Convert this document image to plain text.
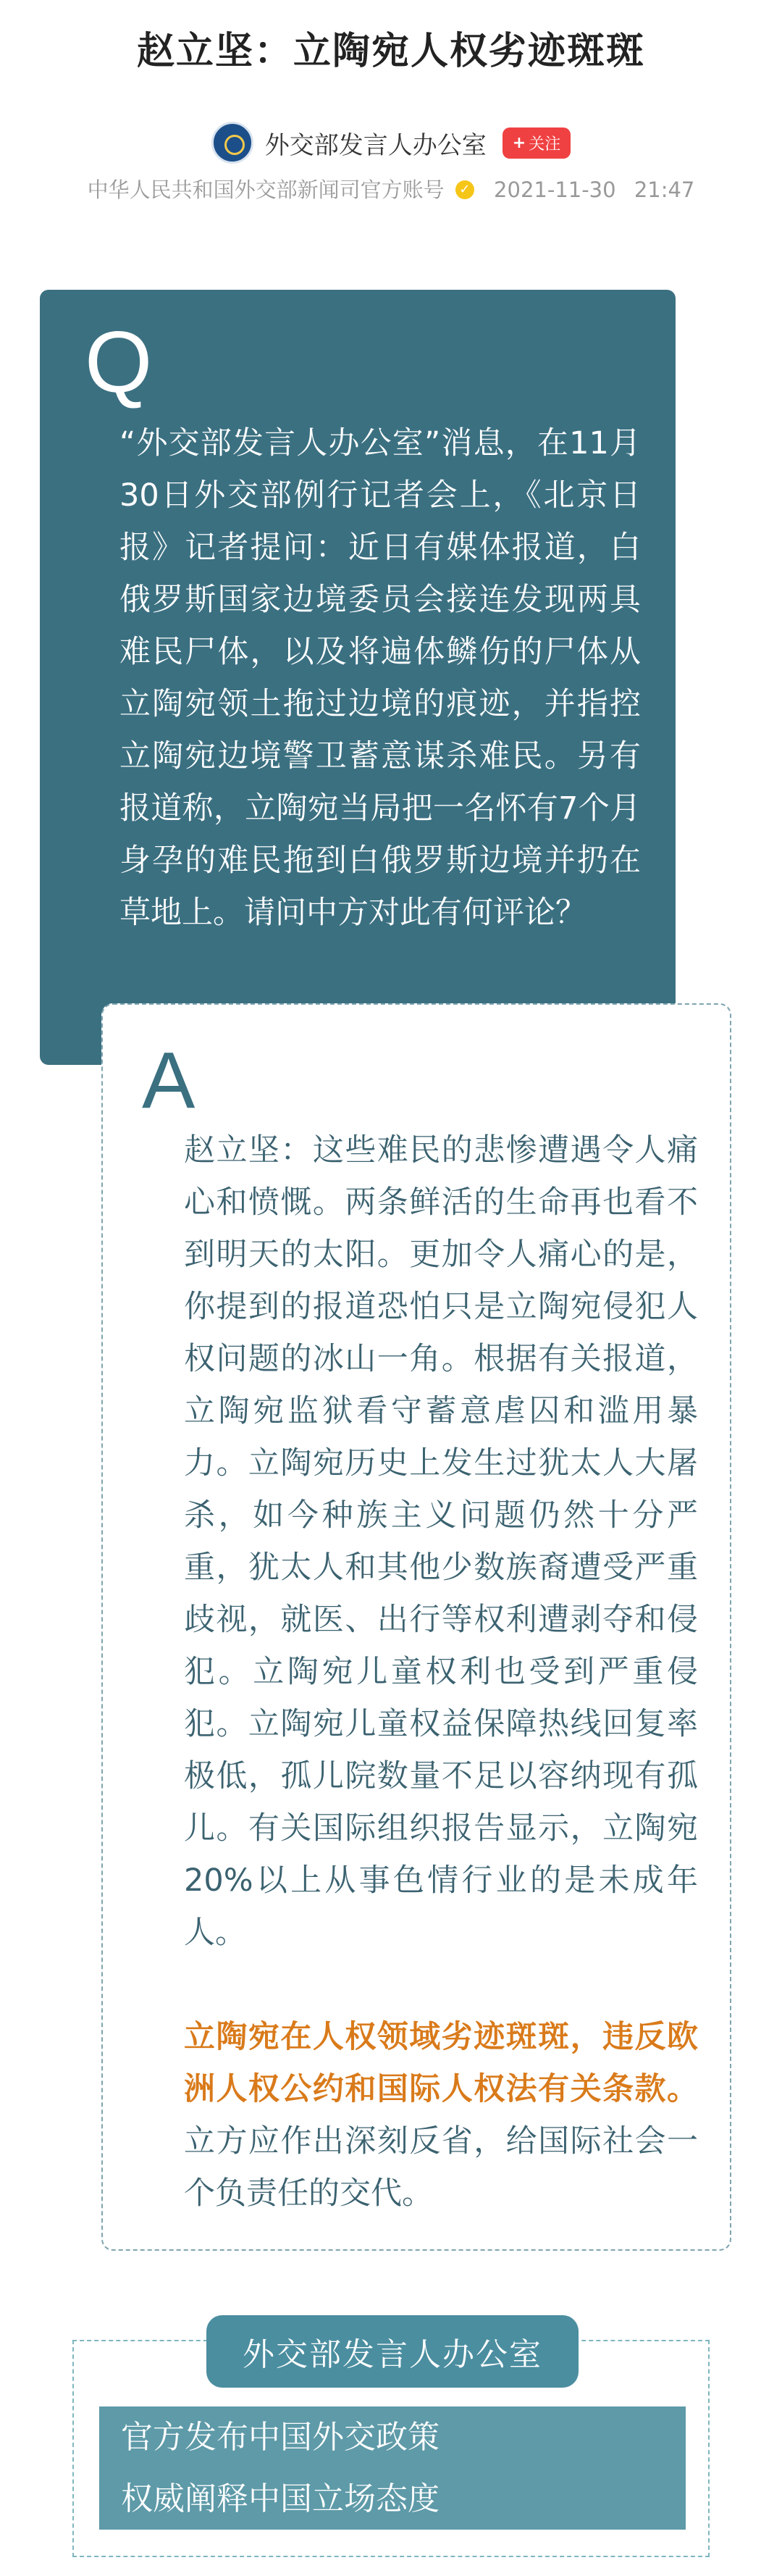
赵立坚：立陶宛人权劣迹斑斑
外交部发言人办公室 + 关注
中华人民共和国外交部新闻司官方账号 ✓ 2021-11-30 21:47
Q
“外交部发言人办公室”消息，在11月30日外交部例行记者会上，《北京日报》记者提问：近日有媒体报道，白俄罗斯国家边境委员会接连发现两具难民尸体，以及将遍体鳞伤的尸体从立陶宛领土拖过边境的痕迹，并指控立陶宛边境警卫蓄意谋杀难民。另有报道称，立陶宛当局把一名怀有7个月身孕的难民拖到白俄罗斯边境并扔在草地上。请问中方对此有何评论？
A

赵立坚：这些难民的悲惨遭遇令人痛心和愤慨。两条鲜活的生命再也看不到明天的太阳。更加令人痛心的是，你提到的报道恐怕只是立陶宛侵犯人权问题的冰山一角。根据有关报道，立陶宛监狱看守蓄意虐囚和滥用暴力。立陶宛历史上发生过犹太人大屠杀，如今种族主义问题仍然十分严重，犹太人和其他少数族裔遭受严重歧视，就医、出行等权利遭剥夺和侵犯。立陶宛儿童权利也受到严重侵犯。立陶宛儿童权益保障热线回复率极低，孤儿院数量不足以容纳现有孤儿。有关国际组织报告显示，立陶宛20%以上从事色情行业的是未成年人。

立陶宛在人权领域劣迹斑斑，违反欧洲人权公约和国际人权法有关条款。立方应作出深刻反省，给国际社会一个负责任的交代。

外交部发言人办公室
官方发布中国外交政策
权威阐释中国立场态度
